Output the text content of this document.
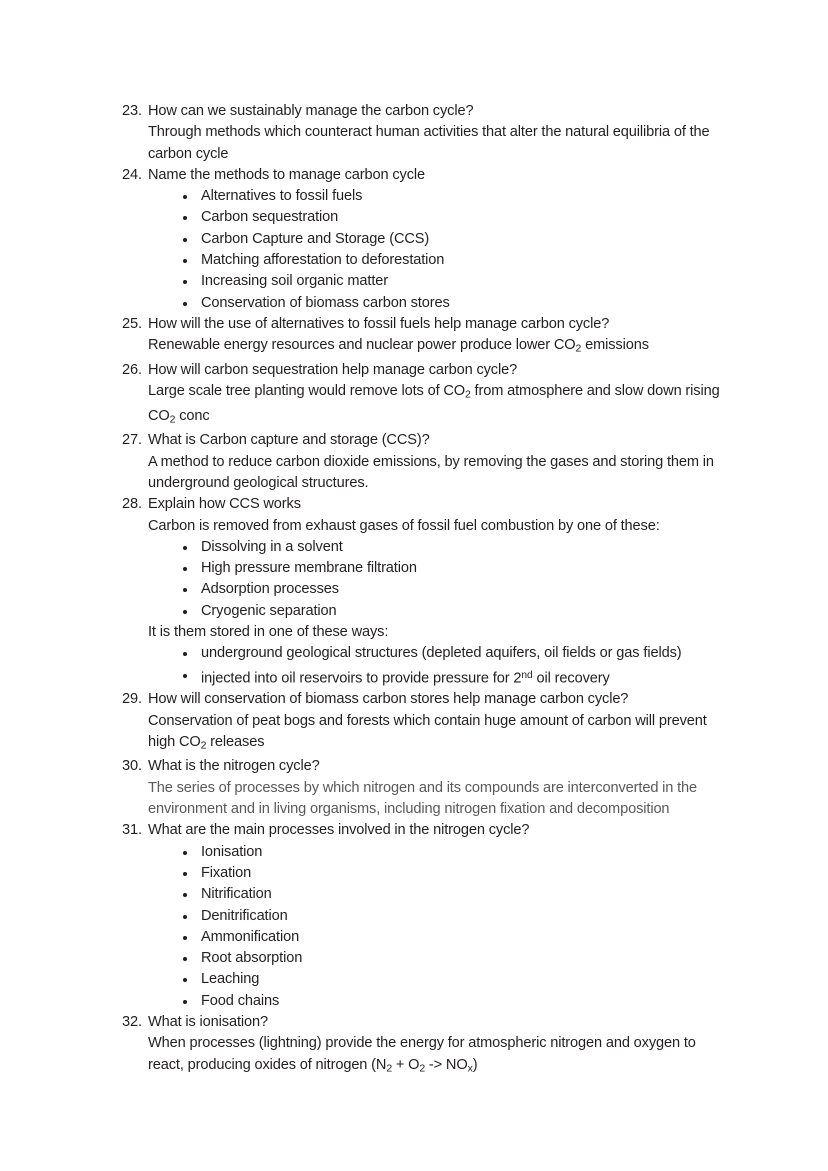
23. How can we sustainably manage the carbon cycle?
Through methods which counteract human activities that alter the natural equilibria of the carbon cycle
24. Name the methods to manage carbon cycle
Alternatives to fossil fuels
Carbon sequestration
Carbon Capture and Storage (CCS)
Matching afforestation to deforestation
Increasing soil organic matter
Conservation of biomass carbon stores
25. How will the use of alternatives to fossil fuels help manage carbon cycle?
Renewable energy resources and nuclear power produce lower $CO_2$ emissions
26. How will carbon sequestration help manage carbon cycle?
Large scale tree planting would remove lots of $CO_2$ from atmosphere and slow down rising $CO_2$ conc
27. What is Carbon capture and storage (CCS)?
A method to reduce carbon dioxide emissions, by removing the gases and storing them in underground geological structures.
28. Explain how CCS works
Carbon is removed from exhaust gases of fossil fuel combustion by one of these:
Dissolving in a solvent
High pressure membrane filtration
Adsorption processes
Cryogenic separation
It is them stored in one of these ways:
underground geological structures (depleted aquifers, oil fields or gas fields)
injected into oil reservoirs to provide pressure for 2nd oil recovery
29. How will conservation of biomass carbon stores help manage carbon cycle?
Conservation of peat bogs and forests which contain huge amount of carbon will prevent high $CO_2$ releases
30. What is the nitrogen cycle?
The series of processes by which nitrogen and its compounds are interconverted in the environment and in living organisms, including nitrogen fixation and decomposition
31. What are the main processes involved in the nitrogen cycle?
Ionisation
Fixation
Nitrification
Denitrification
Ammonification
Root absorption
Leaching
Food chains
32. What is ionisation?
When processes (lightning) provide the energy for atmospheric nitrogen and oxygen to react, producing oxides of nitrogen $(N_2 + O_2 -> NO_x)$
